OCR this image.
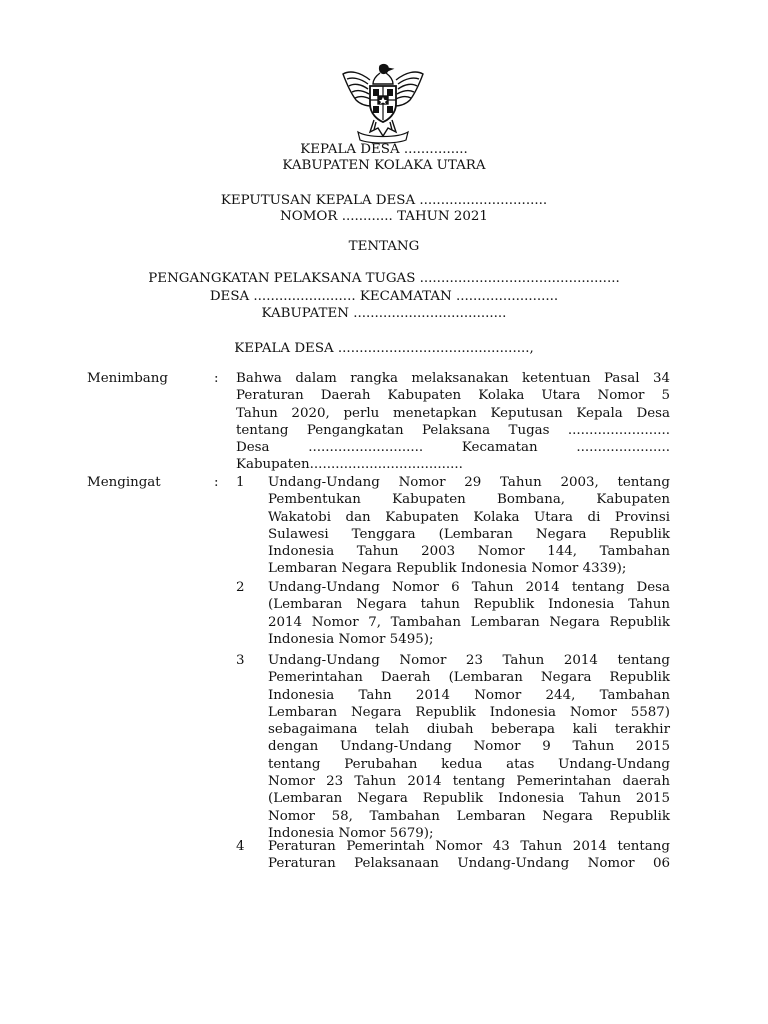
KEPALA DESA ...............
KABUPATEN KOLAKA UTARA
KEPUTUSAN KEPALA DESA ..............................
NOMOR ............ TAHUN 2021
TENTANG
PENGANGKATAN PELAKSANA TUGAS ...............................................
DESA ........................ KECAMATAN ........................
KABUPATEN ....................................
KEPALA DESA .............................................,
Menimbang	: Bahwa dalam rangka melaksanakan ketentuan Pasal 34
Peraturan Daerah Kabupaten Kolaka Utara Nomor 5
Tahun 2020, perlu menetapkan Keputusan Kepala Desa
tentang Pengangkatan Pelaksana Tugas ........................
Desa ........................... Kecamatan ......................
Kabupaten....................................
Mengingat	: 1 Undang-Undang Nomor 29 Tahun 2003, tentang
Pembentukan Kabupaten Bombana, Kabupaten
Wakatobi dan Kabupaten Kolaka Utara di Provinsi
Sulawesi Tenggara (Lembaran Negara Republik
Indonesia Tahun 2003 Nomor 144, Tambahan
Lembaran Negara Republik Indonesia Nomor 4339);
2 Undang-Undang Nomor 6 Tahun 2014 tentang Desa
(Lembaran Negara tahun Republik Indonesia Tahun
2014 Nomor 7, Tambahan Lembaran Negara Republik
Indonesia Nomor 5495);
3 Undang-Undang Nomor 23 Tahun 2014 tentang
Pemerintahan Daerah (Lembaran Negara Republik
Indonesia Tahn 2014 Nomor 244, Tambahan
Lembaran Negara Republik Indonesia Nomor 5587)
sebagaimana telah diubah beberapa kali terakhir
dengan Undang-Undang Nomor 9 Tahun 2015
tentang Perubahan kedua atas Undang-Undang
Nomor 23 Tahun 2014 tentang Pemerintahan daerah
(Lembaran Negara Republik Indonesia Tahun 2015
Nomor 58, Tambahan Lembaran Negara Republik
Indonesia Nomor 5679);
4 Peraturan Pemerintah Nomor 43 Tahun 2014 tentang
Peraturan Pelaksanaan Undang-Undang Nomor 06
